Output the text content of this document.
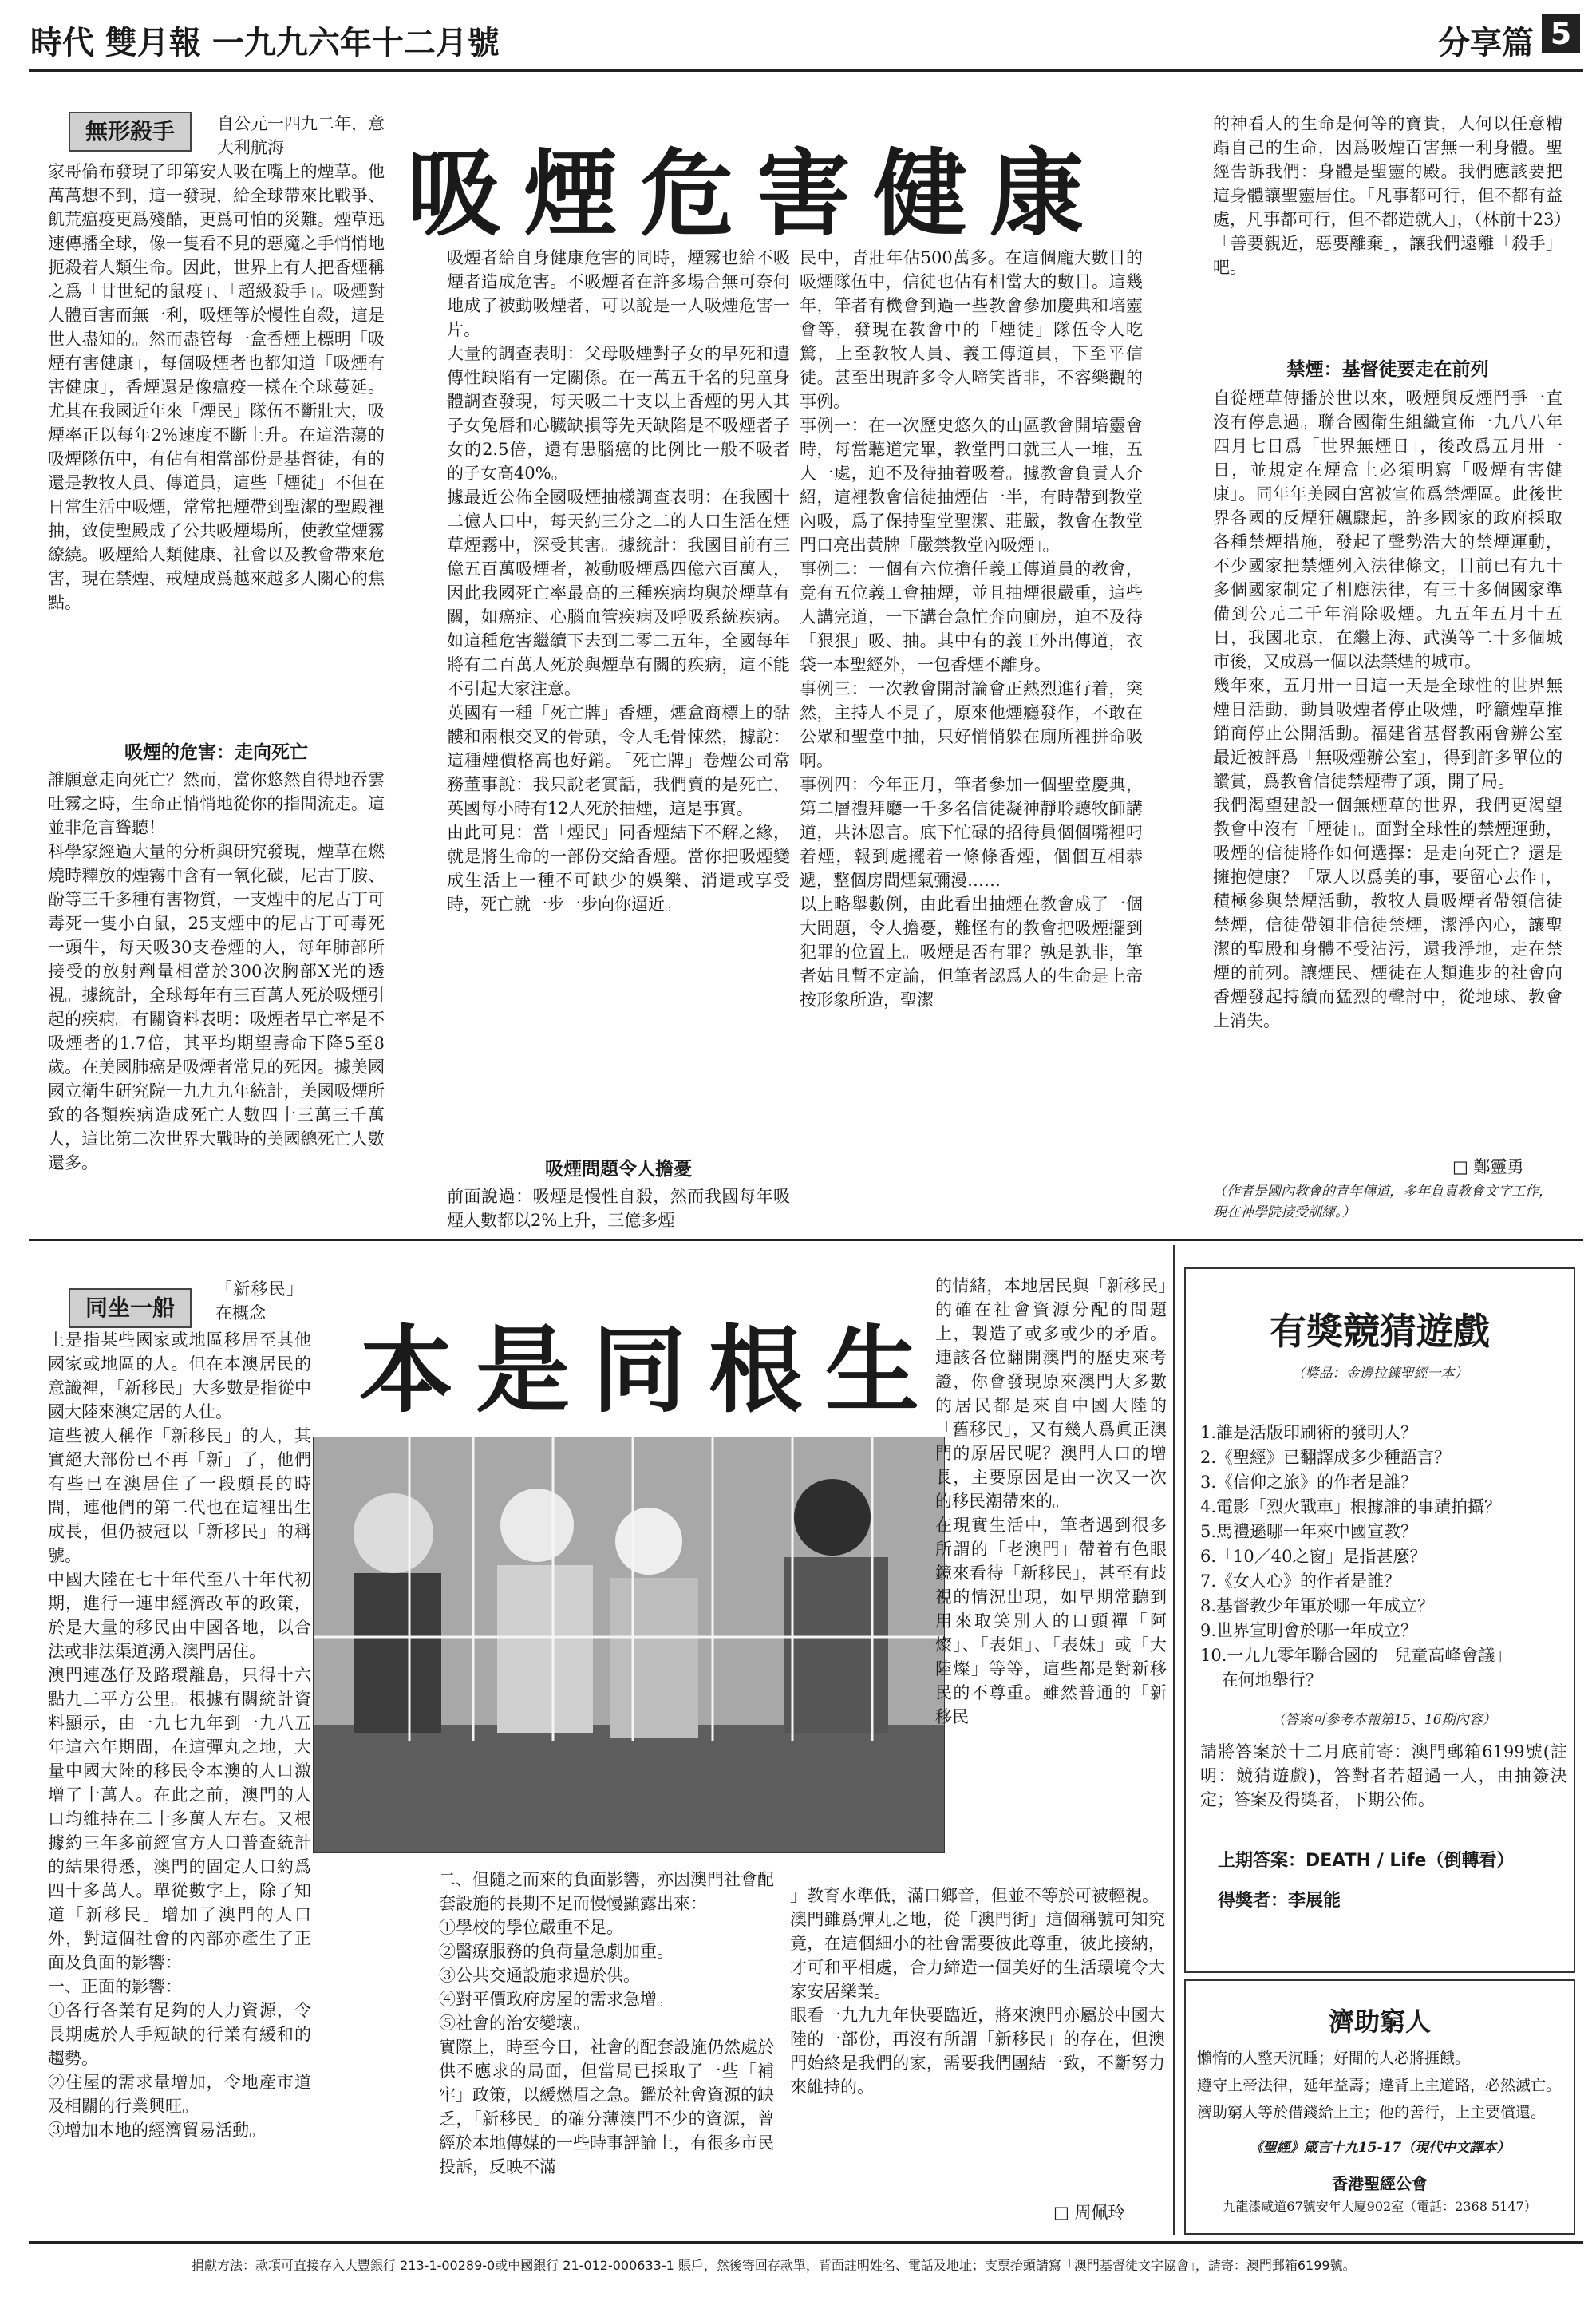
時代 雙月報 一九九六年十二月號	分享篇 5
無形殺手
吸煙危害健康
自公元一四九二年，意大利航海
家哥倫布發現了印第安人吸在嘴上的煙草。他萬萬想不到，這一發現，給全球帶來比戰爭、飢荒瘟疫更爲殘酷，更爲可怕的災難。煙草迅速傳播全球，像一隻看不見的惡魔之手悄悄地扼殺着人類生命。因此，世界上有人把香煙稱之爲「廿世紀的鼠疫」、「超級殺手」。吸煙對人體百害而無一利，吸煙等於慢性自殺，這是世人盡知的。然而盡管每一盒香煙上標明「吸煙有害健康」，每個吸煙者也都知道「吸煙有害健康」，香煙還是像瘟疫一樣在全球蔓延。尤其在我國近年來「煙民」隊伍不斷壯大，吸煙率正以每年2%速度不斷上升。在這浩蕩的吸煙隊伍中，有佔有相當部份是基督徒，有的還是教牧人員、傳道員，這些「煙徒」不但在日常生活中吸煙，常常把煙帶到聖潔的聖殿裡抽，致使聖殿成了公共吸煙場所，使教堂煙霧繚繞。吸煙給人類健康、社會以及教會帶來危害，現在禁煙、戒煙成爲越來越多人關心的焦點。
吸煙的危害：走向死亡
誰願意走向死亡？然而，當你悠然自得地吞雲吐霧之時，生命正悄悄地從你的指間流走。這並非危言聳聽！
科學家經過大量的分析與研究發現，煙草在燃燒時釋放的煙霧中含有一氧化碳，尼古丁胺、酚等三千多種有害物質，一支煙中的尼古丁可毒死一隻小白鼠，25支煙中的尼古丁可毒死一頭牛，每天吸30支卷煙的人，每年肺部所接受的放射劑量相當於300次胸部X光的透視。據統計，全球每年有三百萬人死於吸煙引起的疾病。有關資料表明：吸煙者早亡率是不吸煙者的1.7倍，其平均期望壽命下降5至8歲。在美國肺癌是吸煙者常見的死因。據美國國立衛生研究院一九九九年統計，美國吸煙所致的各類疾病造成死亡人數四十三萬三千萬人，這比第二次世界大戰時的美國總死亡人數還多。
吸煙者給自身健康危害的同時，煙霧也給不吸煙者造成危害。不吸煙者在許多場合無可奈何地成了被動吸煙者，可以說是一人吸煙危害一片。
大量的調查表明：父母吸煙對子女的早死和遺傳性缺陷有一定關係。在一萬五千名的兒童身體調查發現，每天吸二十支以上香煙的男人其子女兔唇和心臟缺損等先天缺陷是不吸煙者子女的2.5倍，還有患腦癌的比例比一般不吸者的子女高40%。
據最近公佈全國吸煙抽樣調查表明：在我國十二億人口中，每天約三分之二的人口生活在煙草煙霧中，深受其害。據統計：我國目前有三億五百萬吸煙者，被動吸煙爲四億六百萬人，因此我國死亡率最高的三種疾病均與於煙草有關，如癌症、心腦血管疾病及呼吸系統疾病。如這種危害繼續下去到二零二五年，全國每年將有二百萬人死於與煙草有關的疾病，這不能不引起大家注意。
英國有一種「死亡牌」香煙，煙盒商標上的骷髏和兩根交叉的骨頭，令人毛骨悚然，據說：這種煙價格高也好銷。「死亡牌」卷煙公司常務董事說：我只說老實話，我們賣的是死亡，英國每小時有12人死於抽煙，這是事實。
由此可見：當「煙民」同香煙結下不解之緣，就是將生命的一部份交給香煙。當你把吸煙變成生活上一種不可缺少的娛樂、消遣或享受時，死亡就一步一步向你逼近。
吸煙問題令人擔憂
前面說過：吸煙是慢性自殺，然而我國每年吸煙人數都以2%上升，三億多煙
民中，青壯年佔500萬多。在這個龐大數目的吸煙隊伍中，信徒也佔有相當大的數目。這幾年，筆者有機會到過一些教會參加慶典和培靈會等，發現在教會中的「煙徒」隊伍令人吃驚，上至教牧人員、義工傳道員，下至平信徒。甚至出現許多令人啼笑皆非，不容樂觀的事例。
事例一：在一次歷史悠久的山區教會開培靈會時，每當聽道完畢，教堂門口就三人一堆，五人一處，迫不及待抽着吸着。據教會負責人介紹，這裡教會信徒抽煙佔一半，有時帶到教堂內吸，爲了保持聖堂聖潔、莊嚴，教會在教堂門口亮出黃牌「嚴禁教堂內吸煙」。
事例二：一個有六位擔任義工傳道員的教會，竟有五位義工會抽煙，並且抽煙很嚴重，這些人講完道，一下講台急忙奔向廁房，迫不及待「狠狠」吸、抽。其中有的義工外出傳道，衣袋一本聖經外，一包香煙不離身。
事例三：一次教會開討論會正熱烈進行着，突然，主持人不見了，原來他煙癮發作，不敢在公眾和聖堂中抽，只好悄悄躲在廁所裡拼命吸啊。
事例四：今年正月，筆者參加一個聖堂慶典，第二層禮拜廳一千多名信徒凝神靜聆聽牧師講道，共沐恩言。底下忙碌的招待員個個嘴裡叼着煙，報到處擺着一條條香煙，個個互相恭遞，整個房間煙氣彌漫……
以上略舉數例，由此看出抽煙在教會成了一個大問題，令人擔憂，難怪有的教會把吸煙擺到犯罪的位置上。吸煙是否有罪？孰是孰非，筆者姑且暫不定論，但筆者認爲人的生命是上帝按形象所造，聖潔
的神看人的生命是何等的寶貴，人何以任意糟蹋自己的生命，因爲吸煙百害無一利身體。聖經告訴我們：身體是聖靈的殿。我們應該要把這身體讓聖靈居住。「凡事都可行，但不都有益處，凡事都可行，但不都造就人」，（林前十23）「善要親近，惡要離棄」，讓我們遠離「殺手」吧。
禁煙：基督徒要走在前列
自從煙草傳播於世以來，吸煙與反煙鬥爭一直沒有停息過。聯合國衛生組織宣佈一九八八年四月七日爲「世界無煙日」，後改爲五月卅一日，並規定在煙盒上必須明寫「吸煙有害健康」。同年年美國白宮被宣佈爲禁煙區。此後世界各國的反煙狂飆驟起，許多國家的政府採取各種禁煙措施，發起了聲勢浩大的禁煙運動，不少國家把禁煙列入法律條文，目前已有九十多個國家制定了相應法律，有三十多個國家準備到公元二千年消除吸煙。九五年五月十五日，我國北京，在繼上海、武漢等二十多個城市後，又成爲一個以法禁煙的城市。
幾年來，五月卅一日這一天是全球性的世界無煙日活動，動員吸煙者停止吸煙，呼籲煙草推銷商停止公開活動。福建省基督教兩會辦公室最近被評爲「無吸煙辦公室」，得到許多單位的讚賞，爲教會信徒禁煙帶了頭，開了局。
我們渴望建設一個無煙草的世界，我們更渴望教會中沒有「煙徒」。面對全球性的禁煙運動，吸煙的信徒將作如何選擇：是走向死亡？還是擁抱健康？「眾人以爲美的事，要留心去作」，積極參與禁煙活動，教牧人員吸煙者帶領信徒禁煙，信徒帶領非信徒禁煙，潔淨內心，讓聖潔的聖殿和身體不受沾污，還我淨地，走在禁煙的前列。讓煙民、煙徒在人類進步的社會向香煙發起持續而猛烈的聲討中，從地球、教會上消失。
□ 鄭靈勇
（作者是國內教會的青年傳道，多年負責教會文字工作，現在神學院接受訓練。）
同坐一船
本是同根生
「新移民」在概念
上是指某些國家或地區移居至其他國家或地區的人。但在本澳居民的意識裡，「新移民」大多數是指從中國大陸來澳定居的人仕。
這些被人稱作「新移民」的人，其實絕大部份已不再「新」了，他們有些已在澳居住了一段頗長的時間，連他們的第二代也在這裡出生成長，但仍被冠以「新移民」的稱號。
中國大陸在七十年代至八十年代初期，進行一連串經濟改革的政策，於是大量的移民由中國各地，以合法或非法渠道湧入澳門居住。
澳門連氹仔及路環離島，只得十六點九二平方公里。根據有關統計資料顯示，由一九七九年到一九八五年這六年期間，在這彈丸之地，大量中國大陸的移民令本澳的人口激增了十萬人。在此之前，澳門的人口均維持在二十多萬人左右。又根據約三年多前經官方人口普查統計的結果得悉，澳門的固定人口約爲四十多萬人。單從數字上，除了知道「新移民」增加了澳門的人口外，對這個社會的內部亦產生了正面及負面的影響：
一、正面的影響：
①各行各業有足夠的人力資源，令長期處於人手短缺的行業有緩和的趨勢。
②住屋的需求量增加，令地產市道及相關的行業興旺。
③增加本地的經濟貿易活動。
二、但隨之而來的負面影響，亦因澳門社會配套設施的長期不足而慢慢顯露出來：
①學校的學位嚴重不足。
②醫療服務的負荷量急劇加重。
③公共交通設施求過於供。
④對平價政府房屋的需求急增。
⑤社會的治安變壞。
實際上，時至今日，社會的配套設施仍然處於供不應求的局面，但當局已採取了一些「補牢」政策，以緩燃眉之急。鑑於社會資源的缺乏，「新移民」的確分薄澳門不少的資源，曾經於本地傳媒的一些時事評論上，有很多市民投訴，反映不滿
的情緒，本地居民與「新移民」的確在社會資源分配的問題上，製造了或多或少的矛盾。連該各位翻開澳門的歷史來考證，你會發現原來澳門大多數的居民都是來自中國大陸的「舊移民」，又有幾人爲眞正澳門的原居民呢？澳門人口的增長，主要原因是由一次又一次的移民潮帶來的。
在現實生活中，筆者遇到很多所謂的「老澳門」帶着有色眼鏡來看待「新移民」，甚至有歧視的情況出現，如早期常聽到用來取笑別人的口頭禪「阿燦」、「表姐」、「表妹」或「大陸燦」等等，這些都是對新移民的不尊重。雖然普通的「新移民
」教育水準低，滿口鄉音，但並不等於可被輕視。
澳門雖爲彈丸之地，從「澳門街」這個稱號可知究竟，在這個細小的社會需要彼此尊重，彼此接納，才可和平相處，合力締造一個美好的生活環境令大家安居樂業。
眼看一九九九年快要臨近，將來澳門亦屬於中國大陸的一部份，再沒有所謂「新移民」的存在，但澳門始終是我們的家，需要我們團結一致，不斷努力來維持的。
□ 周佩玲
有獎競猜遊戲
（獎品：金邊拉鍊聖經一本）
1.誰是活版印刷術的發明人？
2.《聖經》已翻譯成多少種語言？
3.《信仰之旅》的作者是誰？
4.電影「烈火戰車」根據誰的事蹟拍攝？
5.馬禮遜哪一年來中國宣教？
6.「10／40之窗」是指甚麼？
7.《女人心》的作者是誰？
8.基督教少年軍於哪一年成立？
9.世界宣明會於哪一年成立？
10.一九九零年聯合國的「兒童高峰會議」
在何地舉行？
（答案可參考本報第15、16期內容）
請將答案於十二月底前寄：澳門郵箱6199號(註明：競猜遊戲)，答對者若超過一人，由抽簽決定；答案及得獎者，下期公佈。
上期答案：DEATH / Life（倒轉看）
得獎者：李展能
濟助窮人
懶惰的人整天沉睡；好閒的人必將捱餓。
遵守上帝法律，延年益壽；違背上主道路，必然滅亡。
濟助窮人等於借錢給上主；他的善行，上主要償還。
《聖經》箴言十九15-17（現代中文譯本）
香港聖經公會
九龍漆咸道67號安年大廈902室（電話：2368 5147）
捐獻方法：款項可直接存入大豐銀行 213-1-00289-0或中國銀行 21-012-000633-1 賬戶，然後寄回存款單，背面註明姓名、電話及地址；支票抬頭請寫「澳門基督徒文字協會」，請寄：澳門郵箱6199號。
